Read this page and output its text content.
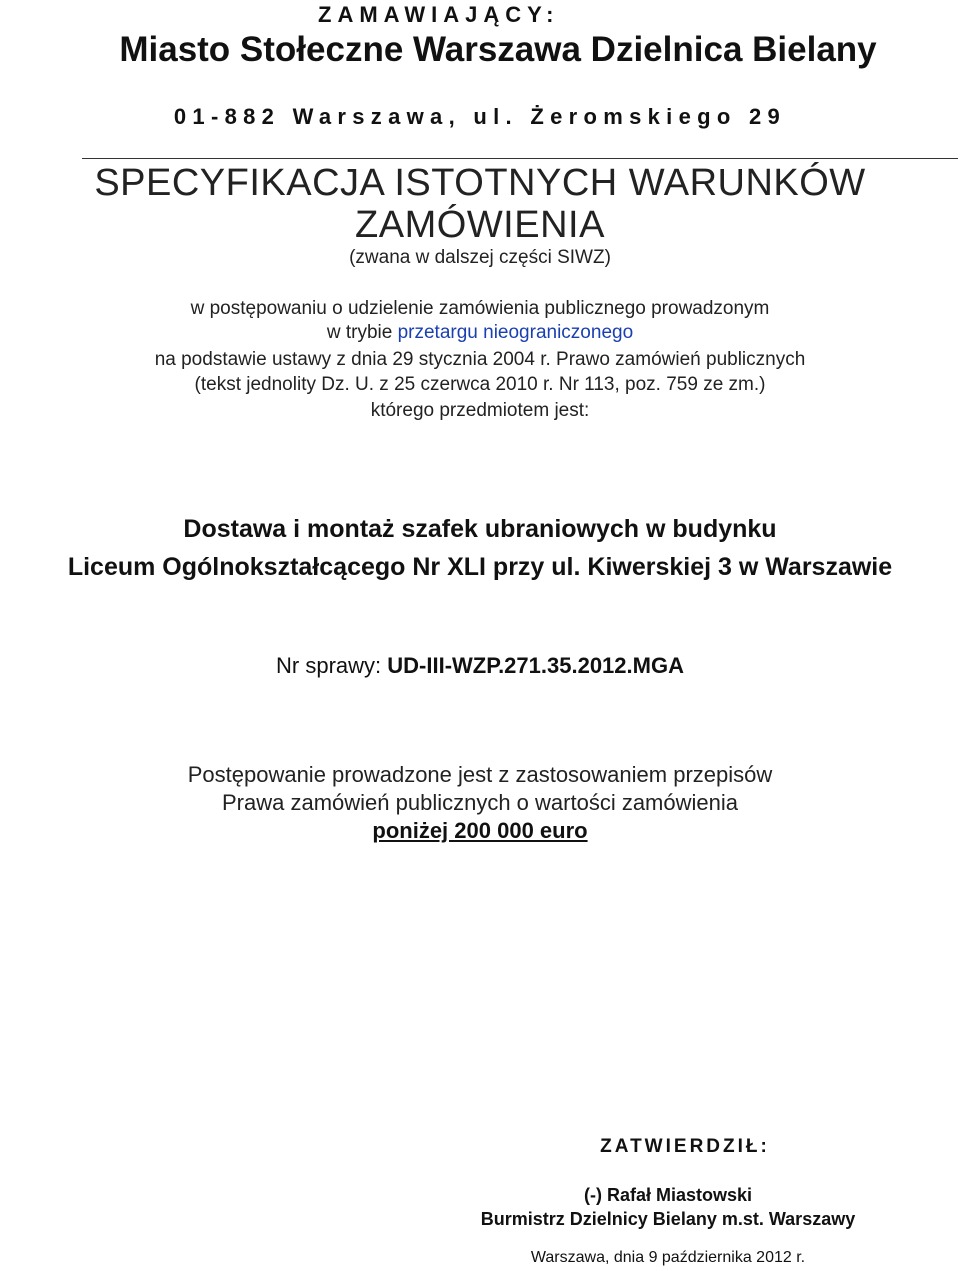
ZAMAWIAJĄCY:
Miasto Stołeczne Warszawa Dzielnica Bielany
01-882 Warszawa, ul. Żeromskiego 29
SPECYFIKACJA ISTOTNYCH WARUNKÓW
ZAMÓWIENIA
(zwana w dalszej części SIWZ)
w postępowaniu o udzielenie zamówienia publicznego prowadzonym
w trybie przetargu nieograniczonego
na podstawie ustawy z dnia 29 stycznia 2004 r. Prawo zamówień publicznych
(tekst jednolity Dz. U. z 25 czerwca 2010 r. Nr 113, poz. 759 ze zm.)
którego przedmiotem jest:
Dostawa i montaż szafek ubraniowych w budynku
Liceum Ogólnokształcącego Nr XLI przy ul. Kiwerskiej 3 w Warszawie
Nr sprawy: UD-III-WZP.271.35.2012.MGA
Postępowanie prowadzone jest z zastosowaniem przepisów
Prawa zamówień publicznych o wartości zamówienia
poniżej 200 000 euro
ZATWIERDZIŁ:
(-) Rafał Miastowski
Burmistrz Dzielnicy Bielany m.st. Warszawy
Warszawa, dnia 9 października 2012 r.
